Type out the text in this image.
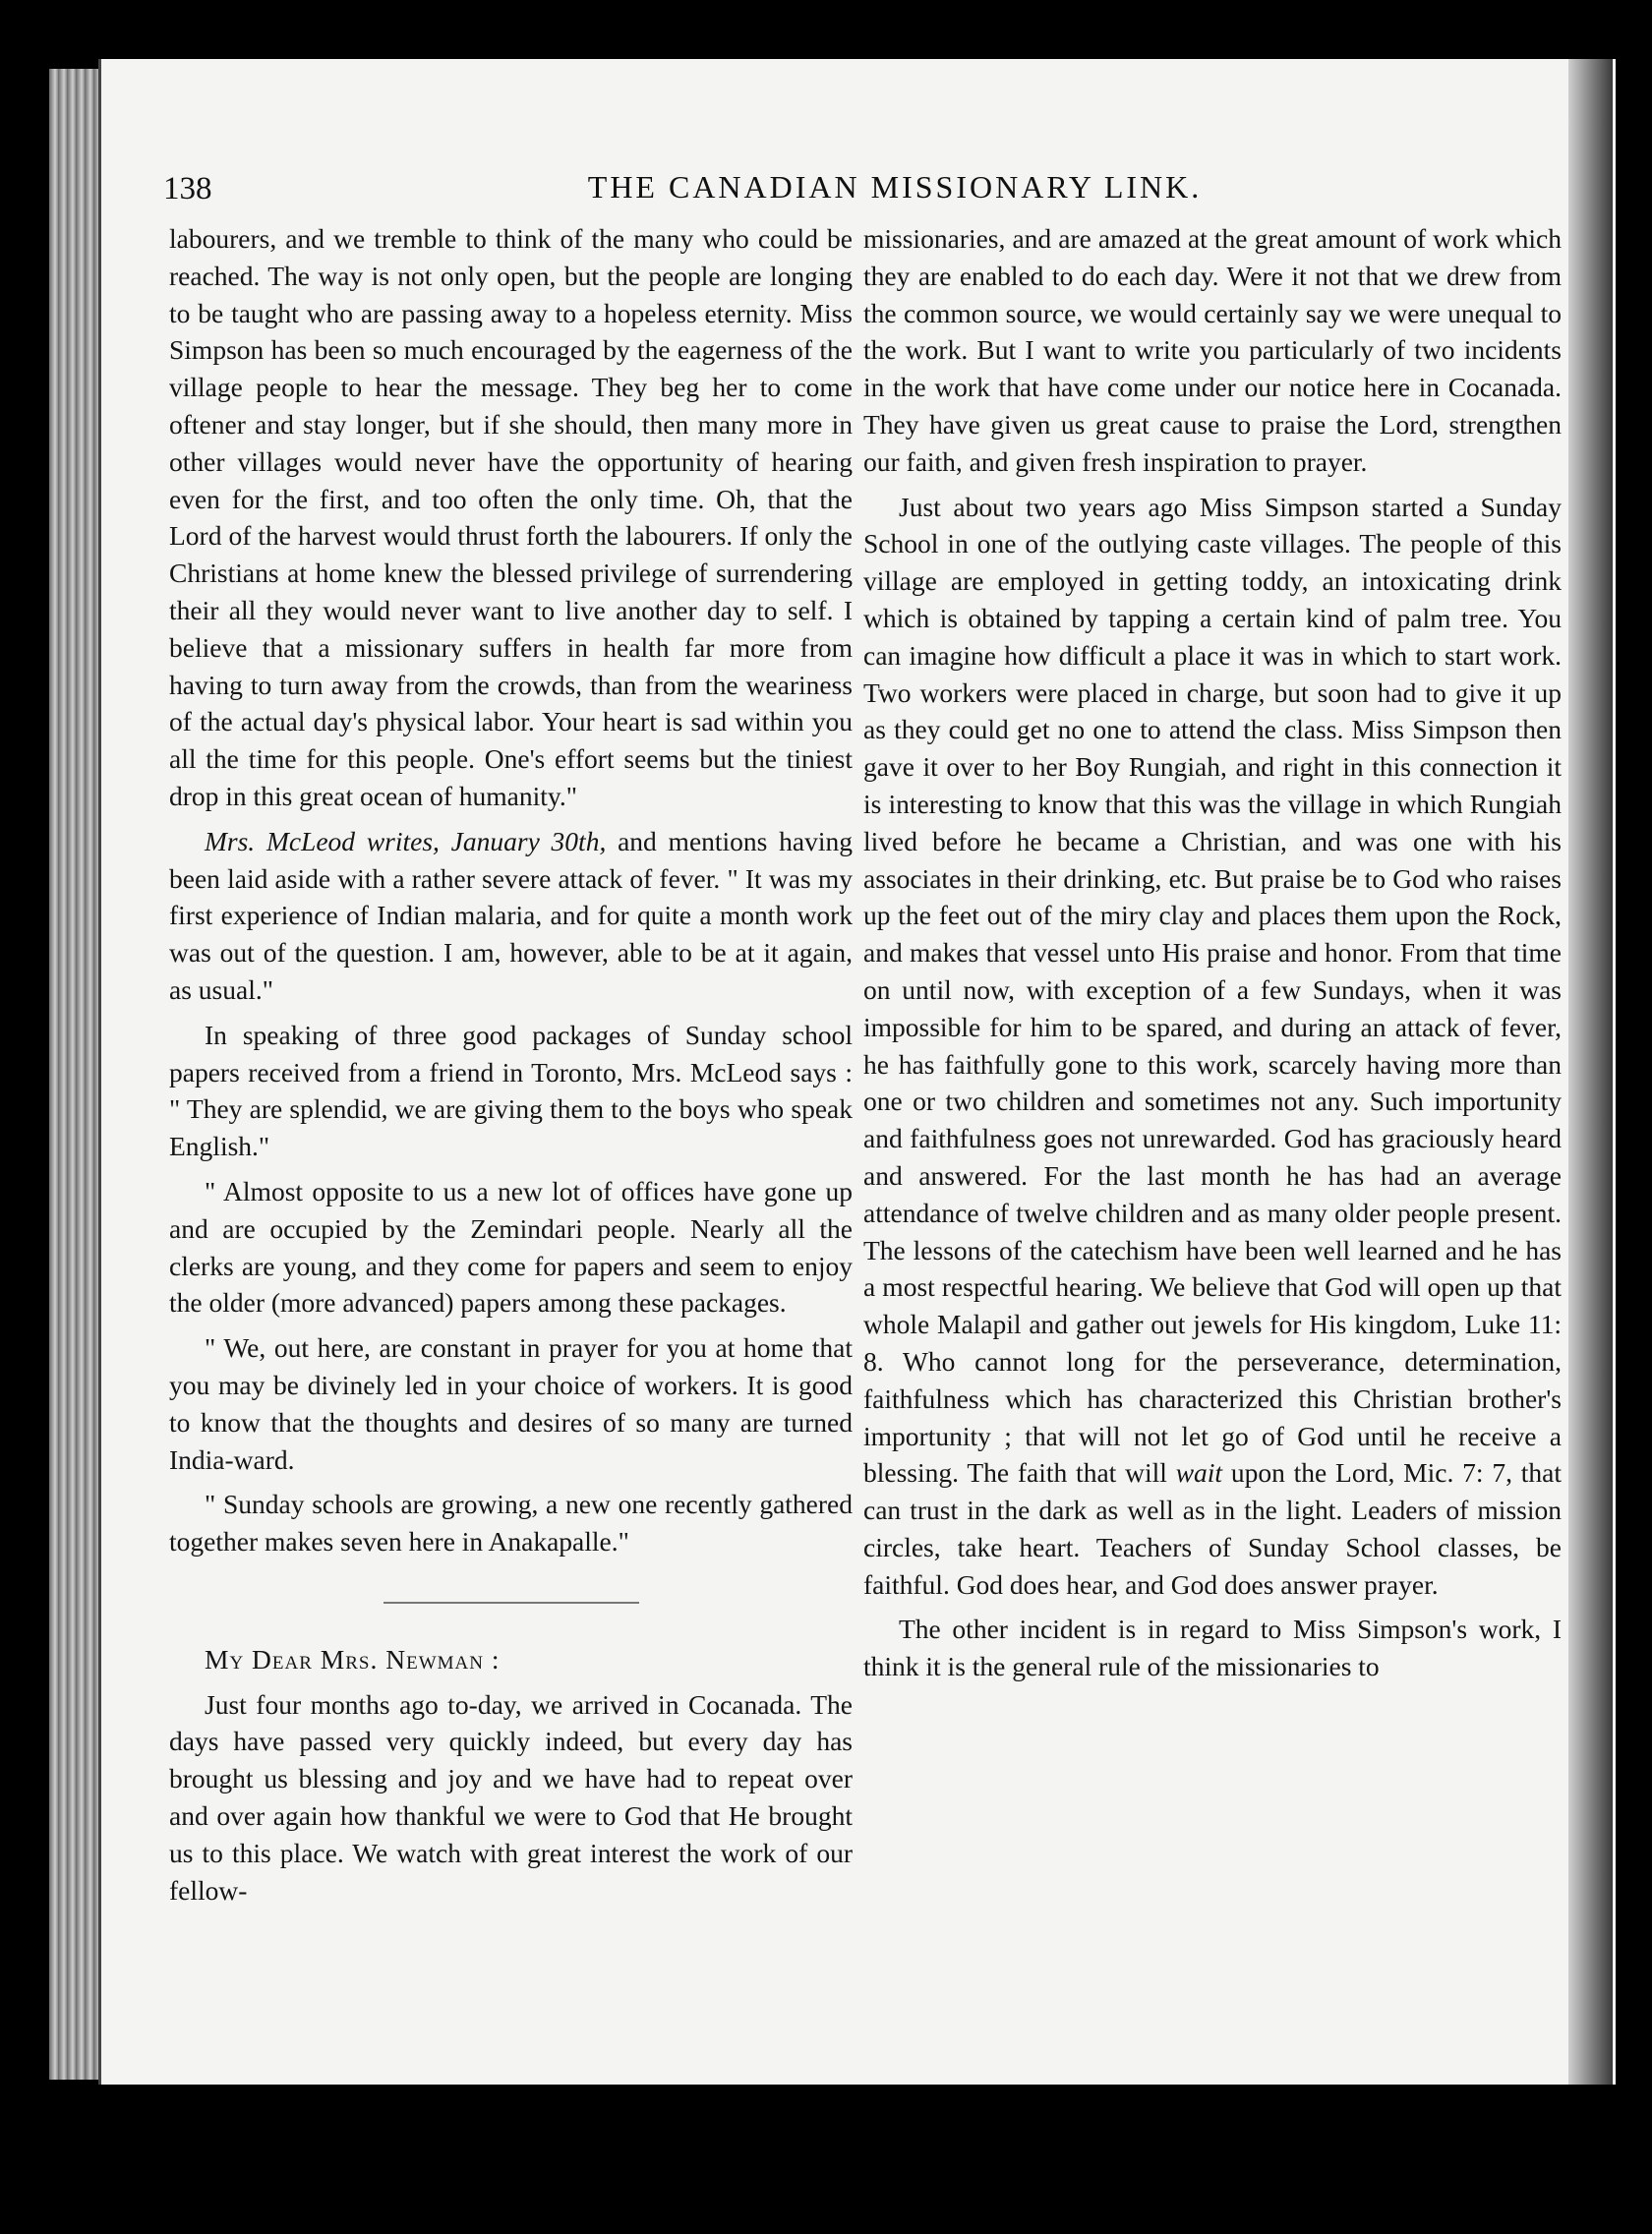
138	THE CANADIAN MISSIONARY LINK.

labourers, and we tremble to think of the many who could be reached. The way is not only open, but the people are longing to be taught who are passing away to a hopeless eternity. Miss Simpson has been so much encouraged by the eagerness of the village people to hear the message. They beg her to come oftener and stay longer, but if she should, then many more in other villages would never have the opportunity of hearing even for the first, and too often the only time. Oh, that the Lord of the harvest would thrust forth the labourers. If only the Christians at home knew the blessed privilege of surrendering their all they would never want to live another day to self. I believe that a missionary suffers in health far more from having to turn away from the crowds, than from the weariness of the actual day's physical labor. Your heart is sad within you all the time for this people. One's effort seems but the tiniest drop in this great ocean of humanity."

Mrs. McLeod writes, January 30th, and mentions having been laid aside with a rather severe attack of fever. " It was my first experience of Indian malaria, and for quite a month work was out of the question. I am, however, able to be at it again, as usual."

In speaking of three good packages of Sunday school papers received from a friend in Toronto, Mrs. McLeod says : " They are splendid, we are giving them to the boys who speak English."

" Almost opposite to us a new lot of offices have gone up and are occupied by the Zemindari people. Nearly all the clerks are young, and they come for papers and seem to enjoy the older (more advanced) papers among these packages.

" We, out here, are constant in prayer for you at home that you may be divinely led in your choice of workers. It is good to know that the thoughts and desires of so many are turned India-ward.

" Sunday schools are growing, a new one recently gathered together makes seven here in Anakapalle."

My Dear Mrs. Newman :

Just four months ago to-day, we arrived in Cocanada. The days have passed very quickly indeed, but every day has brought us blessing and joy and we have had to repeat over and over again how thankful we were to God that He brought us to this place. We watch with great interest the work of our fellow-

missionaries, and are amazed at the great amount of work which they are enabled to do each day. Were it not that we drew from the common source, we would certainly say we were unequal to the work. But I want to write you particularly of two incidents in the work that have come under our notice here in Cocanada. They have given us great cause to praise the Lord, strengthen our faith, and given fresh inspiration to prayer.

Just about two years ago Miss Simpson started a Sunday School in one of the outlying caste villages. The people of this village are employed in getting toddy, an intoxicating drink which is obtained by tapping a certain kind of palm tree. You can imagine how difficult a place it was in which to start work. Two workers were placed in charge, but soon had to give it up as they could get no one to attend the class. Miss Simpson then gave it over to her Boy Rungiah, and right in this connection it is interesting to know that this was the village in which Rungiah lived before he became a Christian, and was one with his associates in their drinking, etc. But praise be to God who raises up the feet out of the miry clay and places them upon the Rock, and makes that vessel unto His praise and honor. From that time on until now, with exception of a few Sundays, when it was impossible for him to be spared, and during an attack of fever, he has faithfully gone to this work, scarcely having more than one or two children and sometimes not any. Such importunity and faithfulness goes not unrewarded. God has graciously heard and answered. For the last month he has had an average attendance of twelve children and as many older people present. The lessons of the catechism have been well learned and he has a most respectful hearing. We believe that God will open up that whole Malapil and gather out jewels for His kingdom, Luke 11: 8. Who cannot long for the perseverance, determination, faithfulness which has characterized this Christian brother's importunity ; that will not let go of God until he receive a blessing. The faith that will wait upon the Lord, Mic. 7: 7, that can trust in the dark as well as in the light. Leaders of mission circles, take heart. Teachers of Sunday School classes, be faithful. God does hear, and God does answer prayer.

The other incident is in regard to Miss Simpson's work, I think it is the general rule of the missionaries to
